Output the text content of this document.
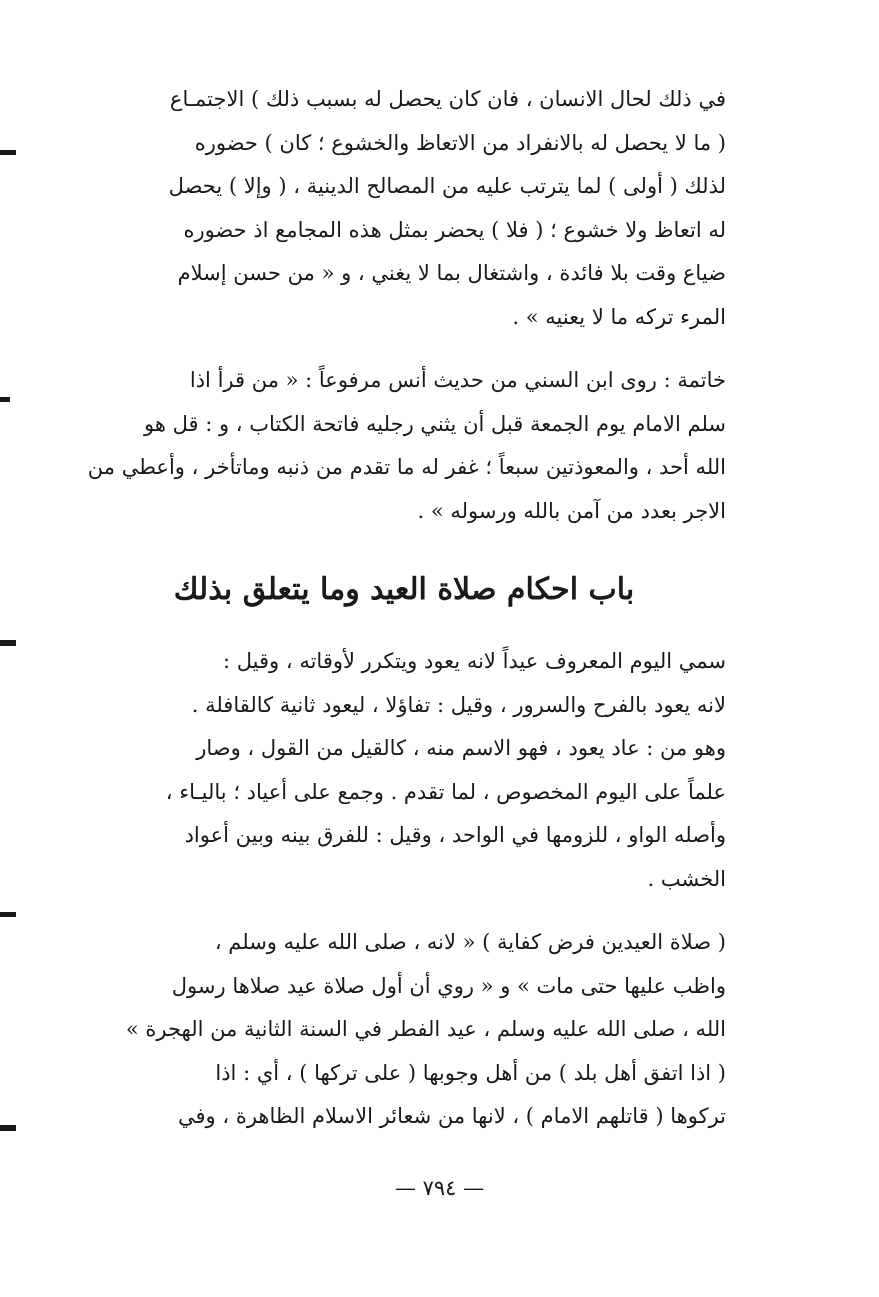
في ذلك لحال الانسان ، فان كان يحصل له بسبب ذلك ) الاجتمـاع
( ما لا يحصل له بالانفراد من الاتعاظ والخشوع ؛ كان ) حضوره
لذلك ( أولى ) لما يترتب عليه من المصالح الدينية ، ( وإلا ) يحصل
له اتعاظ ولا خشوع ؛ ( فلا ) يحضر بمثل هذه المجامع اذ حضوره
ضياع وقت بلا فائدة ، واشتغال بما لا يغني ، و « من حسن إسلام
المرء تركه ما لا يعنيه » .
خاتمة : روى ابن السني من حديث أنس مرفوعاً : « من قرأ اذا
سلم الامام يوم الجمعة قبل أن يثني رجليه فاتحة الكتاب ، و : قل هو
الله أحد ، والمعوذتين سبعاً ؛ غفر له ما تقدم من ذنبه وماتأخر ، وأعطي من
الاجر بعدد من آمن بالله ورسوله » .
باب احكام صلاة العيد وما يتعلق بذلك
سمي اليوم المعروف عيداً لانه يعود ويتكرر لأوقاته ، وقيل :
لانه يعود بالفرح والسرور ، وقيل : تفاؤلا ، ليعود ثانية كالقافلة .
وهو من : عاد يعود ، فهو الاسم منه ، كالقيل من القول ، وصار
علماً على اليوم المخصوص ، لما تقدم . وجمع على أعياد ؛ باليـاء ،
وأصله الواو ، للزومها في الواحد ، وقيل : للفرق بينه وبين أعواد
الخشب .
( صلاة العيدين فرض كفاية ) « لانه ، صلى الله عليه وسلم ،
واظب عليها حتى مات » و « روي أن أول صلاة عيد صلاها رسول
الله ، صلى الله عليه وسلم ، عيد الفطر في السنة الثانية من الهجرة »
( اذا اتفق أهل بلد ) من أهل وجوبها ( على تركها ) ، أي : اذا
تركوها ( قاتلهم الامام ) ، لانها من شعائر الاسلام الظاهرة ، وفي
— ٧٩٤ —
